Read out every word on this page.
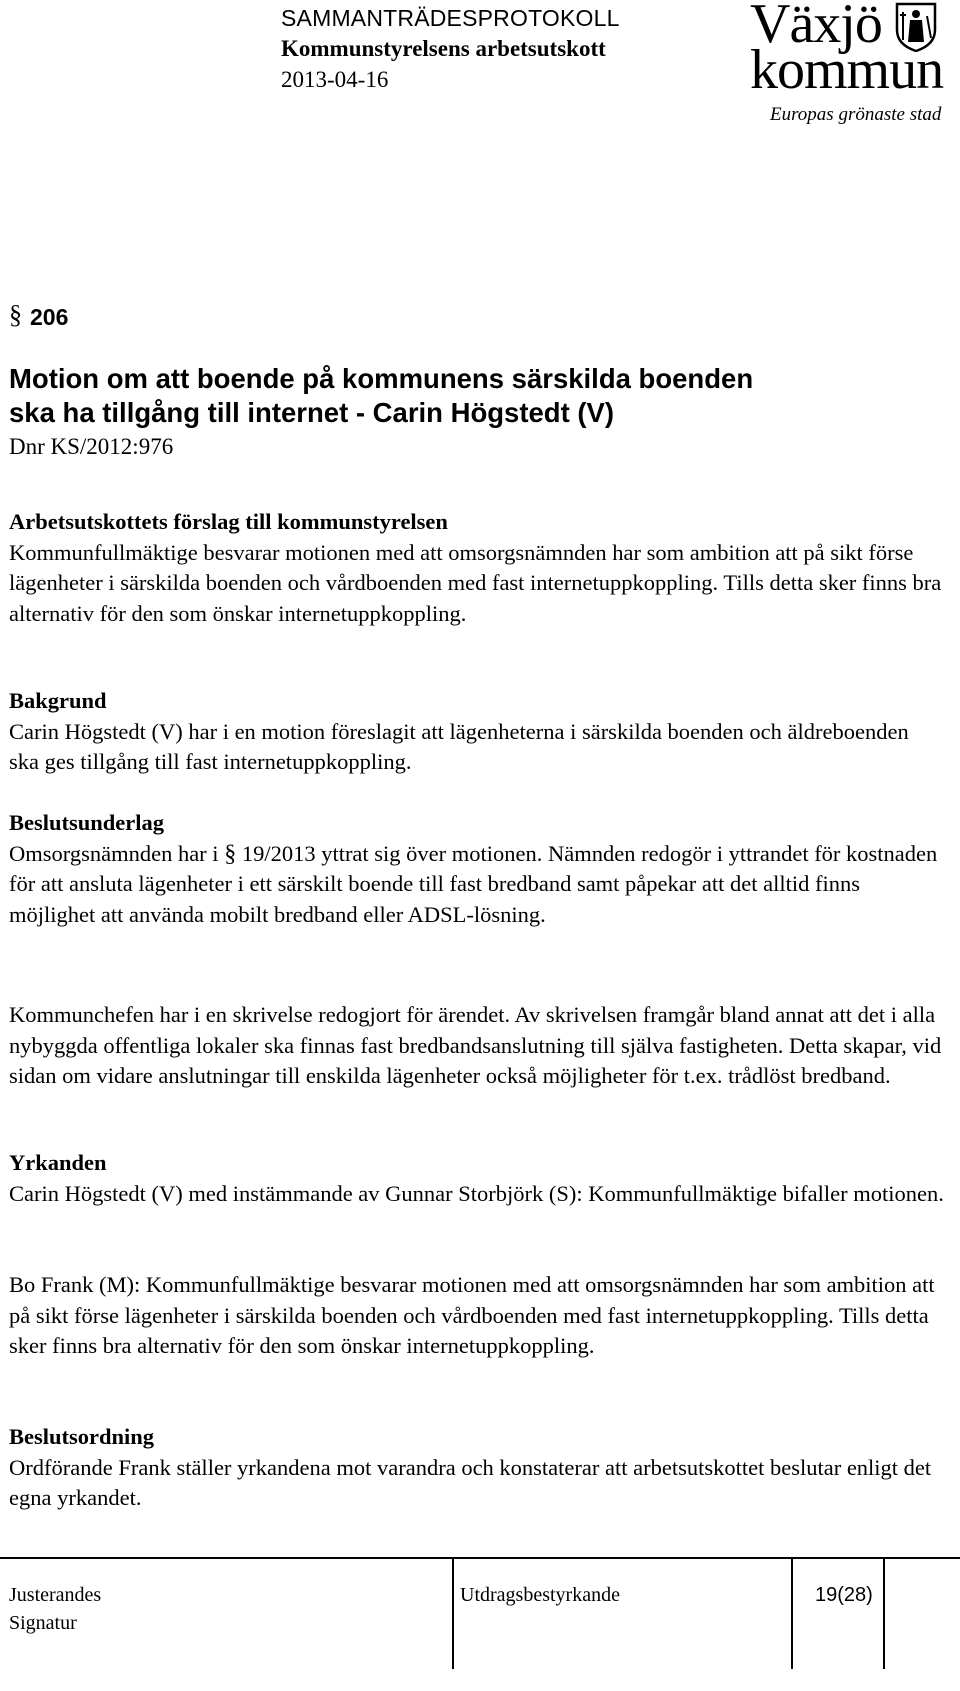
SAMMANTRÄDESPROTOKOLL
Kommunstyrelsens arbetsutskott
2013-04-16
Växjö
kommun
Europas grönaste stad
§ 206
Motion om att boende på kommunens särskilda boenden
ska ha tillgång till internet - Carin Högstedt (V)
Dnr KS/2012:976
Arbetsutskottets förslag till kommunstyrelsen

Kommunfullmäktige besvarar motionen med att omsorgsnämnden har som ambition att på sikt förse lägenheter i särskilda boenden och vårdboenden med fast internetuppkoppling. Tills detta sker finns bra alternativ för den som önskar internetuppkoppling.

Bakgrund

Carin Högstedt (V) har i en motion föreslagit att lägenheterna i särskilda boenden och äldreboenden ska ges tillgång till fast internetuppkoppling.

Beslutsunderlag

Omsorgsnämnden har i § 19/2013 yttrat sig över motionen. Nämnden redogör i yttrandet för kostnaden för att ansluta lägenheter i ett särskilt boende till fast bredband samt påpekar att det alltid finns möjlighet att använda mobilt bredband eller ADSL-lösning.

Kommunchefen har i en skrivelse redogjort för ärendet. Av skrivelsen framgår bland annat att det i alla nybyggda offentliga lokaler ska finnas fast bredbandsanslutning till själva fastigheten. Detta skapar, vid sidan om vidare anslutningar till enskilda lägenheter också möjligheter för t.ex. trådlöst bredband.

Yrkanden

Carin Högstedt (V) med instämmande av Gunnar Storbjörk (S): Kommunfullmäktige bifaller motionen.

Bo Frank (M): Kommunfullmäktige besvarar motionen med att omsorgsnämnden har som ambition att på sikt förse lägenheter i särskilda boenden och vårdboenden med fast internetuppkoppling. Tills detta sker finns bra alternativ för den som önskar internetuppkoppling.

Beslutsordning

Ordförande Frank ställer yrkandena mot varandra och konstaterar att arbetsutskottet beslutar enligt det egna yrkandet.

Justerandes
Signatur
Utdragsbestyrkande	19(28)
